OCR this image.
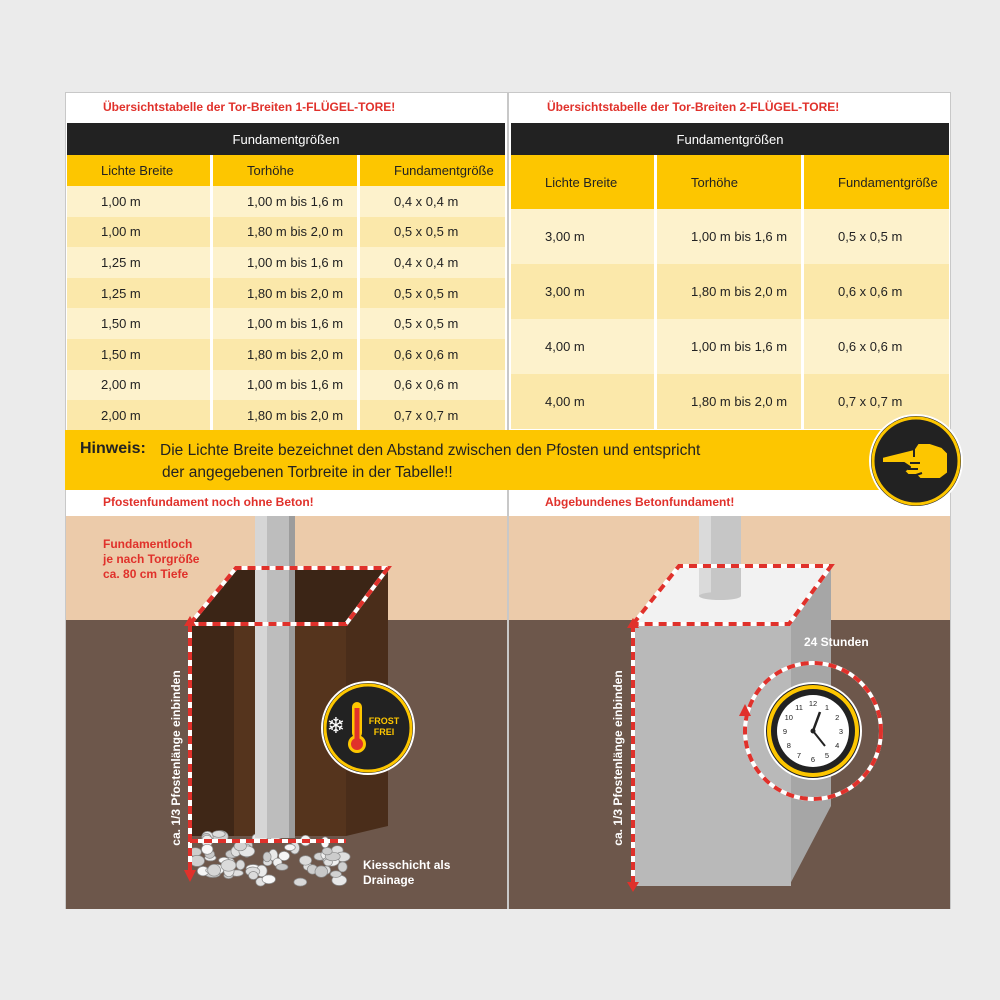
Übersichtstabelle der Tor-Breiten 1-FLÜGEL-TORE!	Übersichtstabelle der Tor-Breiten 2-FLÜGEL-TORE!
Fundamentgrößen		
Lichte Breite	Torhöhe	Fundamentgröße
1,00 m	1,00 m bis 1,6 m	0,4 x 0,4 m
1,00 m	1,80 m bis 2,0 m	0,5 x 0,5 m
1,25 m	1,00 m bis 1,6 m	0,4 x 0,4 m
1,25 m	1,80 m bis 2,0 m	0,5 x 0,5 m
1,50 m	1,00 m bis 1,6 m	0,5 x 0,5 m
1,50 m	1,80 m bis 2,0 m	0,6 x 0,6 m
2,00 m	1,00 m bis 1,6 m	0,6 x 0,6 m
2,00 m	1,80 m bis 2,0 m	0,7 x 0,7 m
Fundamentgrößen		
Lichte Breite	Torhöhe	Fundamentgröße
3,00 m	1,00 m bis 1,6 m	0,5 x 0,5 m
3,00 m	1,80 m bis 2,0 m	0,6 x 0,6 m
4,00 m	1,00 m bis 1,6 m	0,6 x 0,6 m
4,00 m	1,80 m bis 2,0 m	0,7 x 0,7 m
Hinweis: Die Lichte Breite bezeichnet den Abstand zwischen den Pfosten und entspricht
der angegebenen Torbreite in der Tabelle!!
Pfostenfundament noch ohne Beton!	Abgebundenes Betonfundament!
❄	FROST
FREI
Fundamentloch
je nach Torgröße
ca. 80 cm Tiefe
Kiesschicht als
Drainage
ca. 1/3 Pfostenlänge einbinden	12 1
2
3
4
5
6
7
8
9
10
11
24 Stunden
ca. 1/3 Pfostenlänge einbinden
